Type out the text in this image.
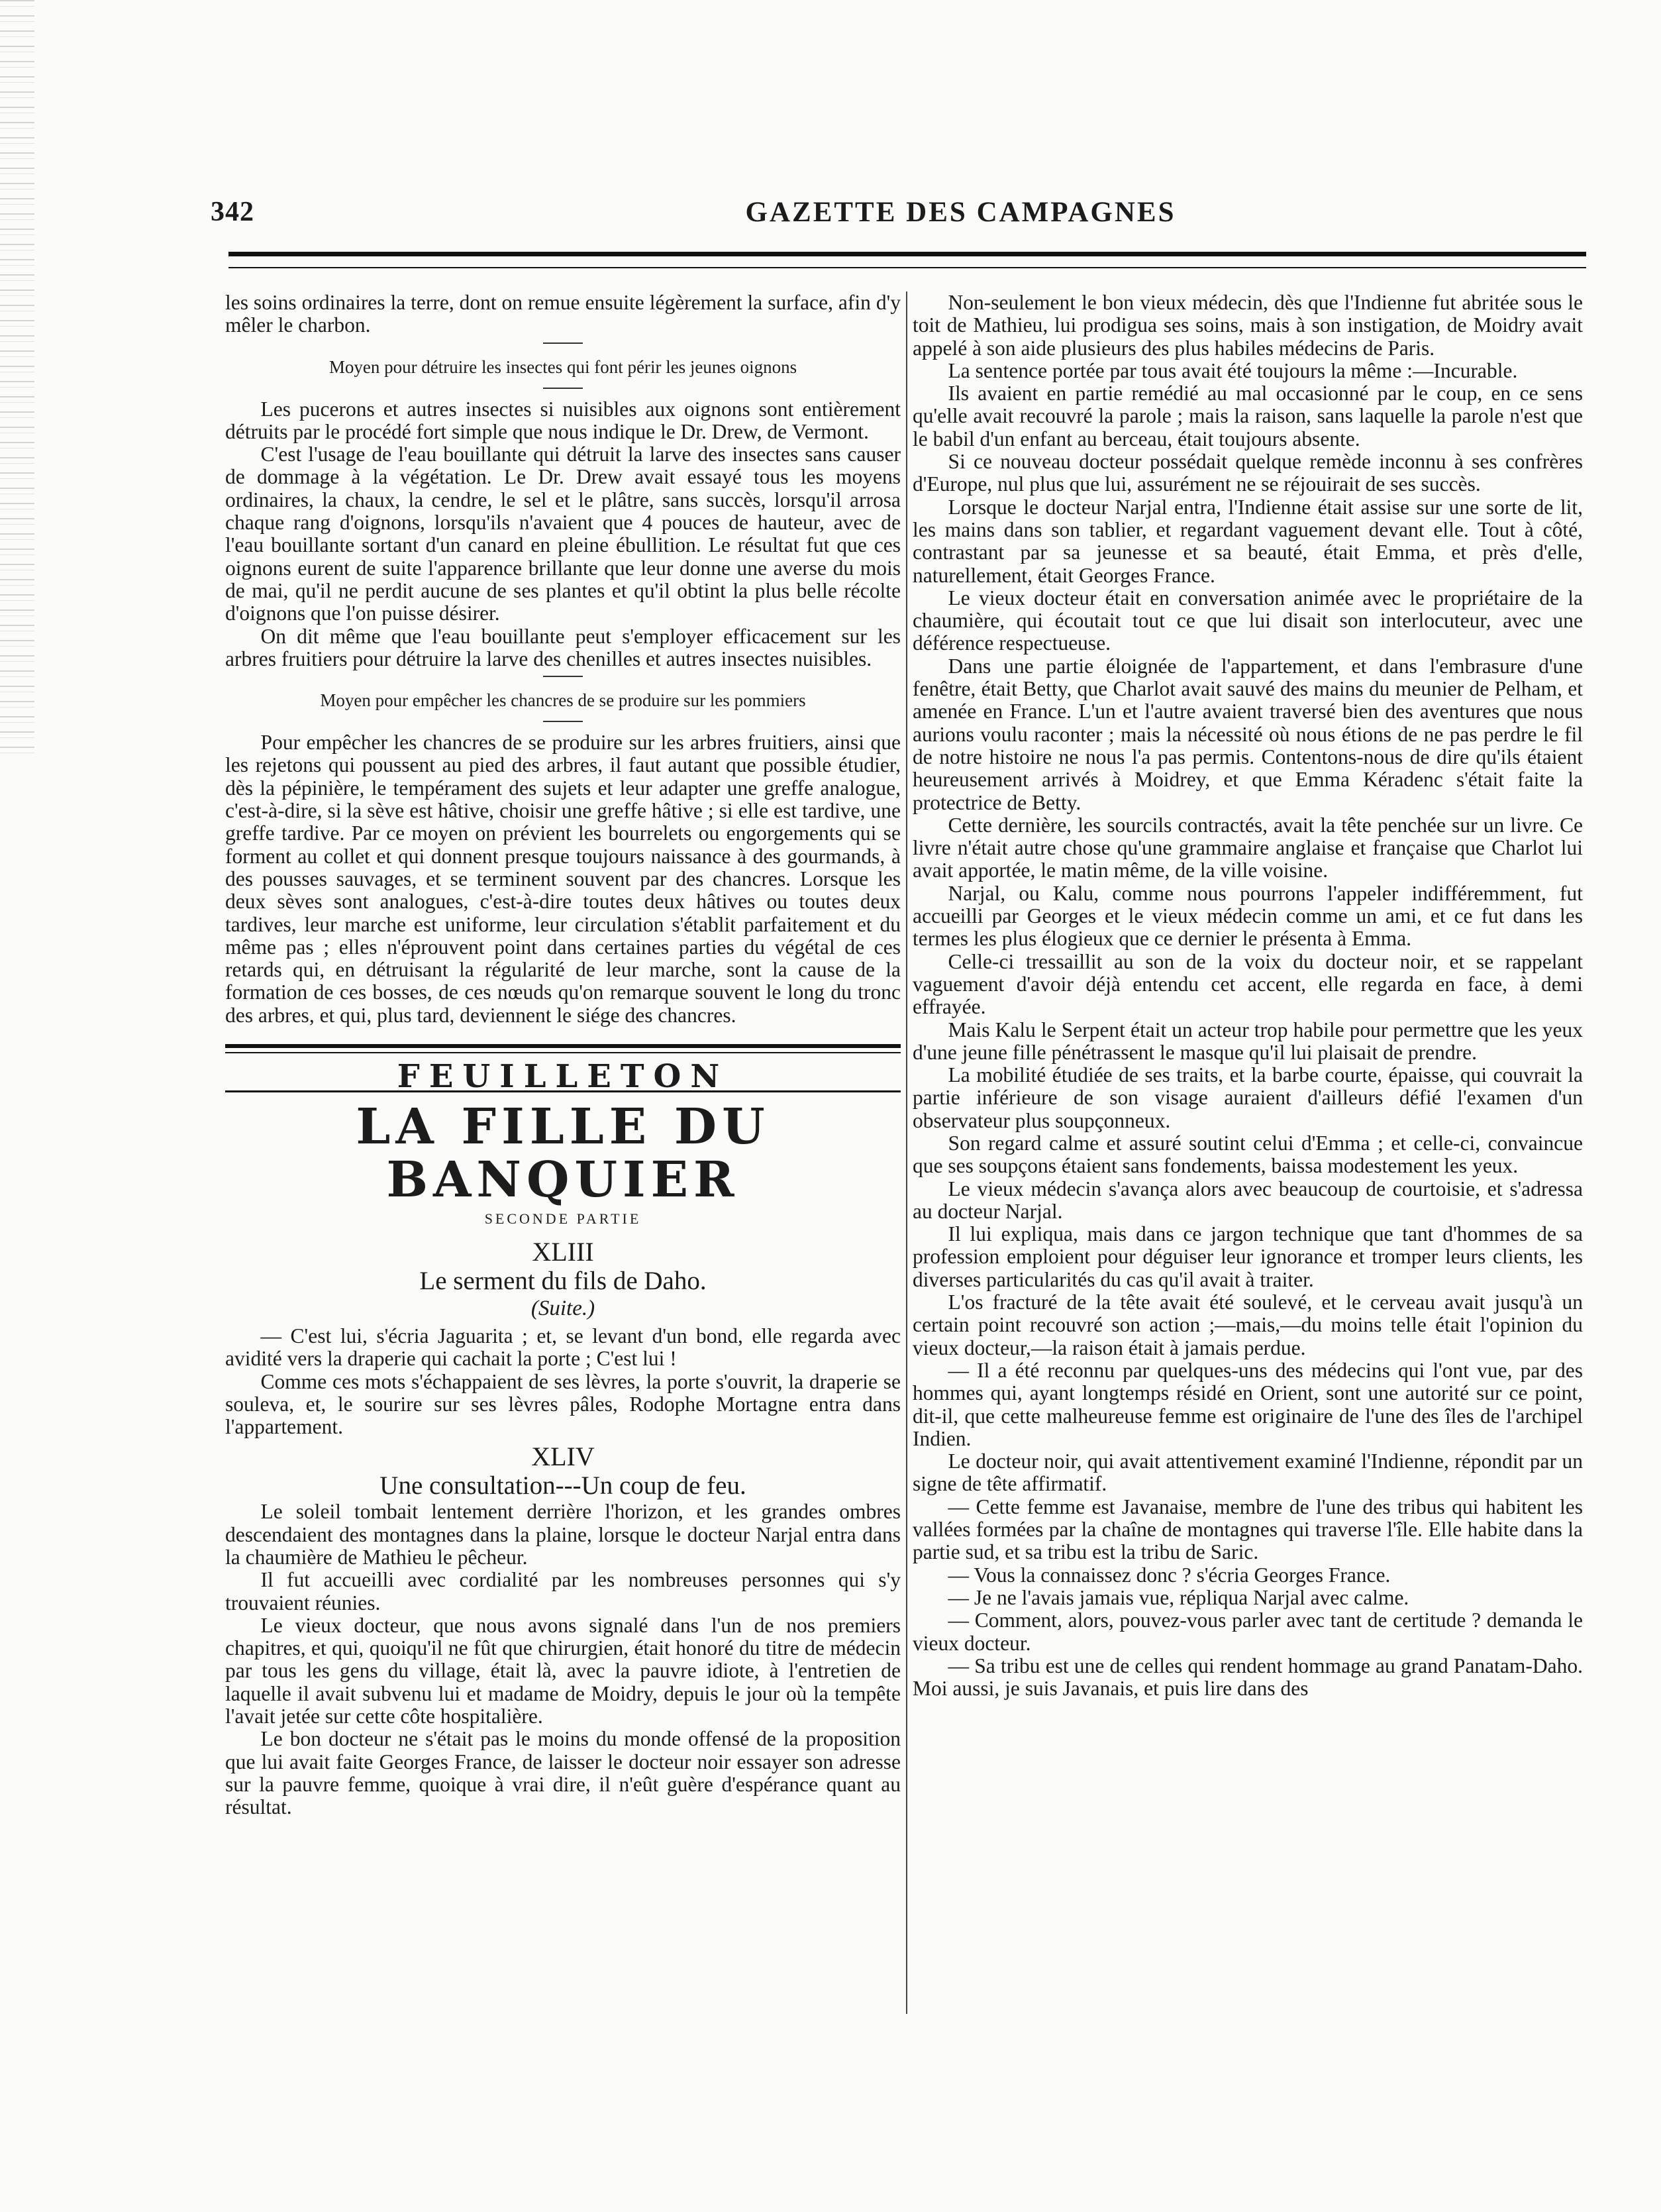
342	GAZETTE DES CAMPAGNES

les soins ordinaires la terre, dont on remue ensuite légèrement la surface, afin d'y mêler le charbon.

Moyen pour détruire les insectes qui font périr les jeunes oignons

Les pucerons et autres insectes si nuisibles aux oignons sont entièrement détruits par le procédé fort simple que nous indique le Dr. Drew, de Vermont.

C'est l'usage de l'eau bouillante qui détruit la larve des insectes sans causer de dommage à la végétation. Le Dr. Drew avait essayé tous les moyens ordinaires, la chaux, la cendre, le sel et le plâtre, sans succès, lorsqu'il arrosa chaque rang d'oignons, lorsqu'ils n'avaient que 4 pouces de hauteur, avec de l'eau bouillante sortant d'un canard en pleine ébullition. Le résultat fut que ces oignons eurent de suite l'apparence brillante que leur donne une averse du mois de mai, qu'il ne perdit aucune de ses plantes et qu'il obtint la plus belle récolte d'oignons que l'on puisse désirer.

On dit même que l'eau bouillante peut s'employer efficacement sur les arbres fruitiers pour détruire la larve des chenilles et autres insectes nuisibles.

Moyen pour empêcher les chancres de se produire sur les pommiers

Pour empêcher les chancres de se produire sur les arbres fruitiers, ainsi que les rejetons qui poussent au pied des arbres, il faut autant que possible étudier, dès la pépinière, le tempérament des sujets et leur adapter une greffe analogue, c'est-à-dire, si la sève est hâtive, choisir une greffe hâtive ; si elle est tardive, une greffe tardive. Par ce moyen on prévient les bourrelets ou engorgements qui se forment au collet et qui donnent presque toujours naissance à des gourmands, à des pousses sauvages, et se terminent souvent par des chancres. Lorsque les deux sèves sont analogues, c'est-à-dire toutes deux hâtives ou toutes deux tardives, leur marche est uniforme, leur circulation s'établit parfaitement et du même pas ; elles n'éprouvent point dans certaines parties du végétal de ces retards qui, en détruisant la régularité de leur marche, sont la cause de la formation de ces bosses, de ces nœuds qu'on remarque souvent le long du tronc des arbres, et qui, plus tard, deviennent le siége des chancres.

FEUILLETON
LA FILLE DU BANQUIER
SECONDE PARTIE
XLIII
Le serment du fils de Daho.
(Suite.)

— C'est lui, s'écria Jaguarita ; et, se levant d'un bond, elle regarda avec avidité vers la draperie qui cachait la porte ; C'est lui !

Comme ces mots s'échappaient de ses lèvres, la porte s'ouvrit, la draperie se souleva, et, le sourire sur ses lèvres pâles, Rodophe Mortagne entra dans l'appartement.

XLIV
Une consultation---Un coup de feu.

Le soleil tombait lentement derrière l'horizon, et les grandes ombres descendaient des montagnes dans la plaine, lorsque le docteur Narjal entra dans la chaumière de Mathieu le pêcheur.

Il fut accueilli avec cordialité par les nombreuses personnes qui s'y trouvaient réunies.

Le vieux docteur, que nous avons signalé dans l'un de nos premiers chapitres, et qui, quoiqu'il ne fût que chirurgien, était honoré du titre de médecin par tous les gens du village, était là, avec la pauvre idiote, à l'entretien de laquelle il avait subvenu lui et madame de Moidry, depuis le jour où la tempête l'avait jetée sur cette côte hospitalière.

Le bon docteur ne s'était pas le moins du monde offensé de la proposition que lui avait faite Georges France, de laisser le docteur noir essayer son adresse sur la pauvre femme, quoique à vrai dire, il n'eût guère d'espérance quant au résultat.

Non-seulement le bon vieux médecin, dès que l'Indienne fut abritée sous le toit de Mathieu, lui prodigua ses soins, mais à son instigation, de Moidry avait appelé à son aide plusieurs des plus habiles médecins de Paris.

La sentence portée par tous avait été toujours la même :—Incurable.

Ils avaient en partie remédié au mal occasionné par le coup, en ce sens qu'elle avait recouvré la parole ; mais la raison, sans laquelle la parole n'est que le babil d'un enfant au berceau, était toujours absente.

Si ce nouveau docteur possédait quelque remède inconnu à ses confrères d'Europe, nul plus que lui, assurément ne se réjouirait de ses succès.

Lorsque le docteur Narjal entra, l'Indienne était assise sur une sorte de lit, les mains dans son tablier, et regardant vaguement devant elle. Tout à côté, contrastant par sa jeunesse et sa beauté, était Emma, et près d'elle, naturellement, était Georges France.

Le vieux docteur était en conversation animée avec le propriétaire de la chaumière, qui écoutait tout ce que lui disait son interlocuteur, avec une déférence respectueuse.

Dans une partie éloignée de l'appartement, et dans l'embrasure d'une fenêtre, était Betty, que Charlot avait sauvé des mains du meunier de Pelham, et amenée en France. L'un et l'autre avaient traversé bien des aventures que nous aurions voulu raconter ; mais la nécessité où nous étions de ne pas perdre le fil de notre histoire ne nous l'a pas permis. Contentons-nous de dire qu'ils étaient heureusement arrivés à Moidrey, et que Emma Kéradenc s'était faite la protectrice de Betty.

Cette dernière, les sourcils contractés, avait la tête penchée sur un livre. Ce livre n'était autre chose qu'une grammaire anglaise et française que Charlot lui avait apportée, le matin même, de la ville voisine.

Narjal, ou Kalu, comme nous pourrons l'appeler indifféremment, fut accueilli par Georges et le vieux médecin comme un ami, et ce fut dans les termes les plus élogieux que ce dernier le présenta à Emma.

Celle-ci tressaillit au son de la voix du docteur noir, et se rappelant vaguement d'avoir déjà entendu cet accent, elle regarda en face, à demi effrayée.

Mais Kalu le Serpent était un acteur trop habile pour permettre que les yeux d'une jeune fille pénétrassent le masque qu'il lui plaisait de prendre.

La mobilité étudiée de ses traits, et la barbe courte, épaisse, qui couvrait la partie inférieure de son visage auraient d'ailleurs défié l'examen d'un observateur plus soupçonneux.

Son regard calme et assuré soutint celui d'Emma ; et celle-ci, convaincue que ses soupçons étaient sans fondements, baissa modestement les yeux.

Le vieux médecin s'avança alors avec beaucoup de courtoisie, et s'adressa au docteur Narjal.

Il lui expliqua, mais dans ce jargon technique que tant d'hommes de sa profession emploient pour déguiser leur ignorance et tromper leurs clients, les diverses particularités du cas qu'il avait à traiter.

L'os fracturé de la tête avait été soulevé, et le cerveau avait jusqu'à un certain point recouvré son action ;—mais,—du moins telle était l'opinion du vieux docteur,—la raison était à jamais perdue.

— Il a été reconnu par quelques-uns des médecins qui l'ont vue, par des hommes qui, ayant longtemps résidé en Orient, sont une autorité sur ce point, dit-il, que cette malheureuse femme est originaire de l'une des îles de l'archipel Indien.

Le docteur noir, qui avait attentivement examiné l'Indienne, répondit par un signe de tête affirmatif.

— Cette femme est Javanaise, membre de l'une des tribus qui habitent les vallées formées par la chaîne de montagnes qui traverse l'île. Elle habite dans la partie sud, et sa tribu est la tribu de Saric.

— Vous la connaissez donc ? s'écria Georges France.

— Je ne l'avais jamais vue, répliqua Narjal avec calme.

— Comment, alors, pouvez-vous parler avec tant de certitude ? demanda le vieux docteur.

— Sa tribu est une de celles qui rendent hommage au grand Panatam-Daho. Moi aussi, je suis Javanais, et puis lire dans des
